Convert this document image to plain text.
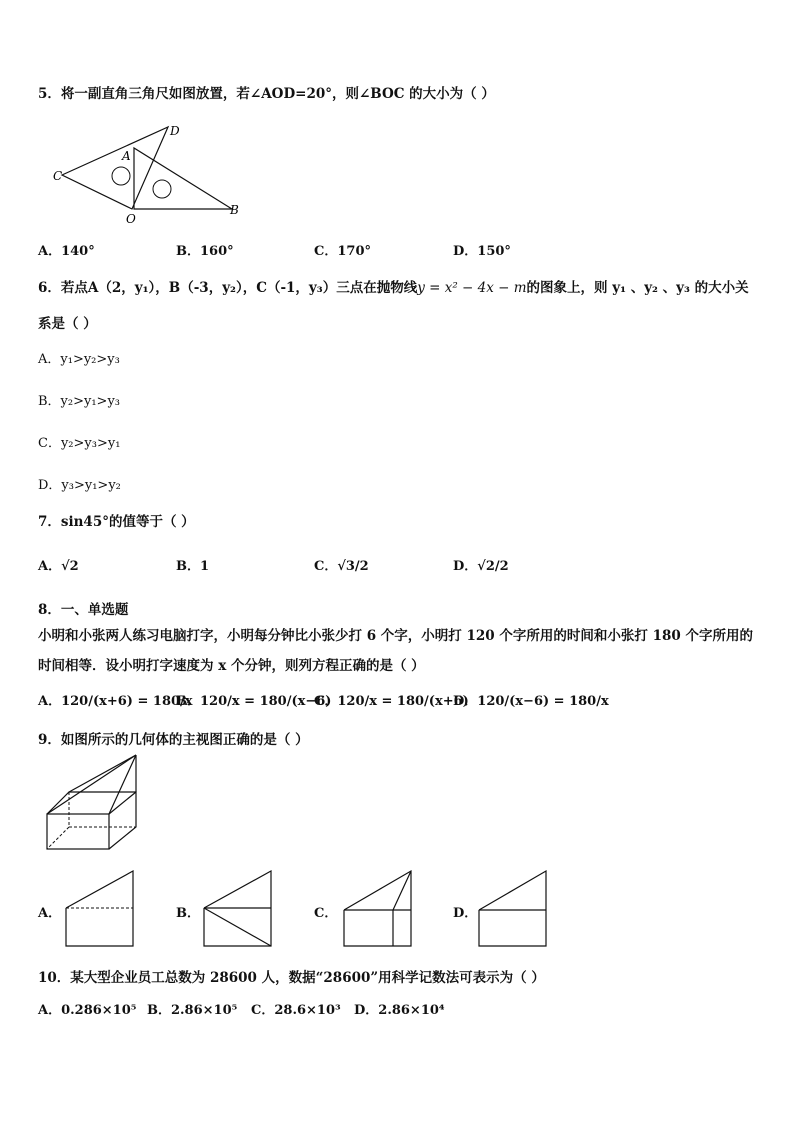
5．将一副直角三角尺如图放置，若∠AOD=20°，则∠BOC 的大小为（ ）
A
D
C
O
B
A．140°	B．160°	C．170°	D．150°
6．若点A（2，y₁），B（-3，y₂），C（-1，y₃）三点在抛物线y = x² − 4x − m的图象上，则 y₁ 、y₂ 、y₃ 的大小关
系是（ ）
A．y₁>y₂>y₃
B．y₂>y₁>y₃
C．y₂>y₃>y₁
D．y₃>y₁>y₂
7．sin45°的值等于（ ）
A．√2	B．1	C．√3/2	D．√2/2
8．一、单选题
小明和小张两人练习电脑打字，小明每分钟比小张少打 6 个字，小明打 120 个字所用的时间和小张打 180 个字所用的
时间相等．设小明打字速度为 x 个分钟，则列方程正确的是（ ）
A．120/(x+6) = 180/x
B．120/x = 180/(x−6)
C．120/x = 180/(x+6)
D．120/(x−6) = 180/x
9．如图所示的几何体的主视图正确的是（ ）
A．	B．	C．	D．
10．某大型企业员工总数为 28600 人，数据“28600”用科学记数法可表示为（ ）
A．0.286×10⁵ B．2.86×10⁵ C．28.6×10³ D．2.86×10⁴
